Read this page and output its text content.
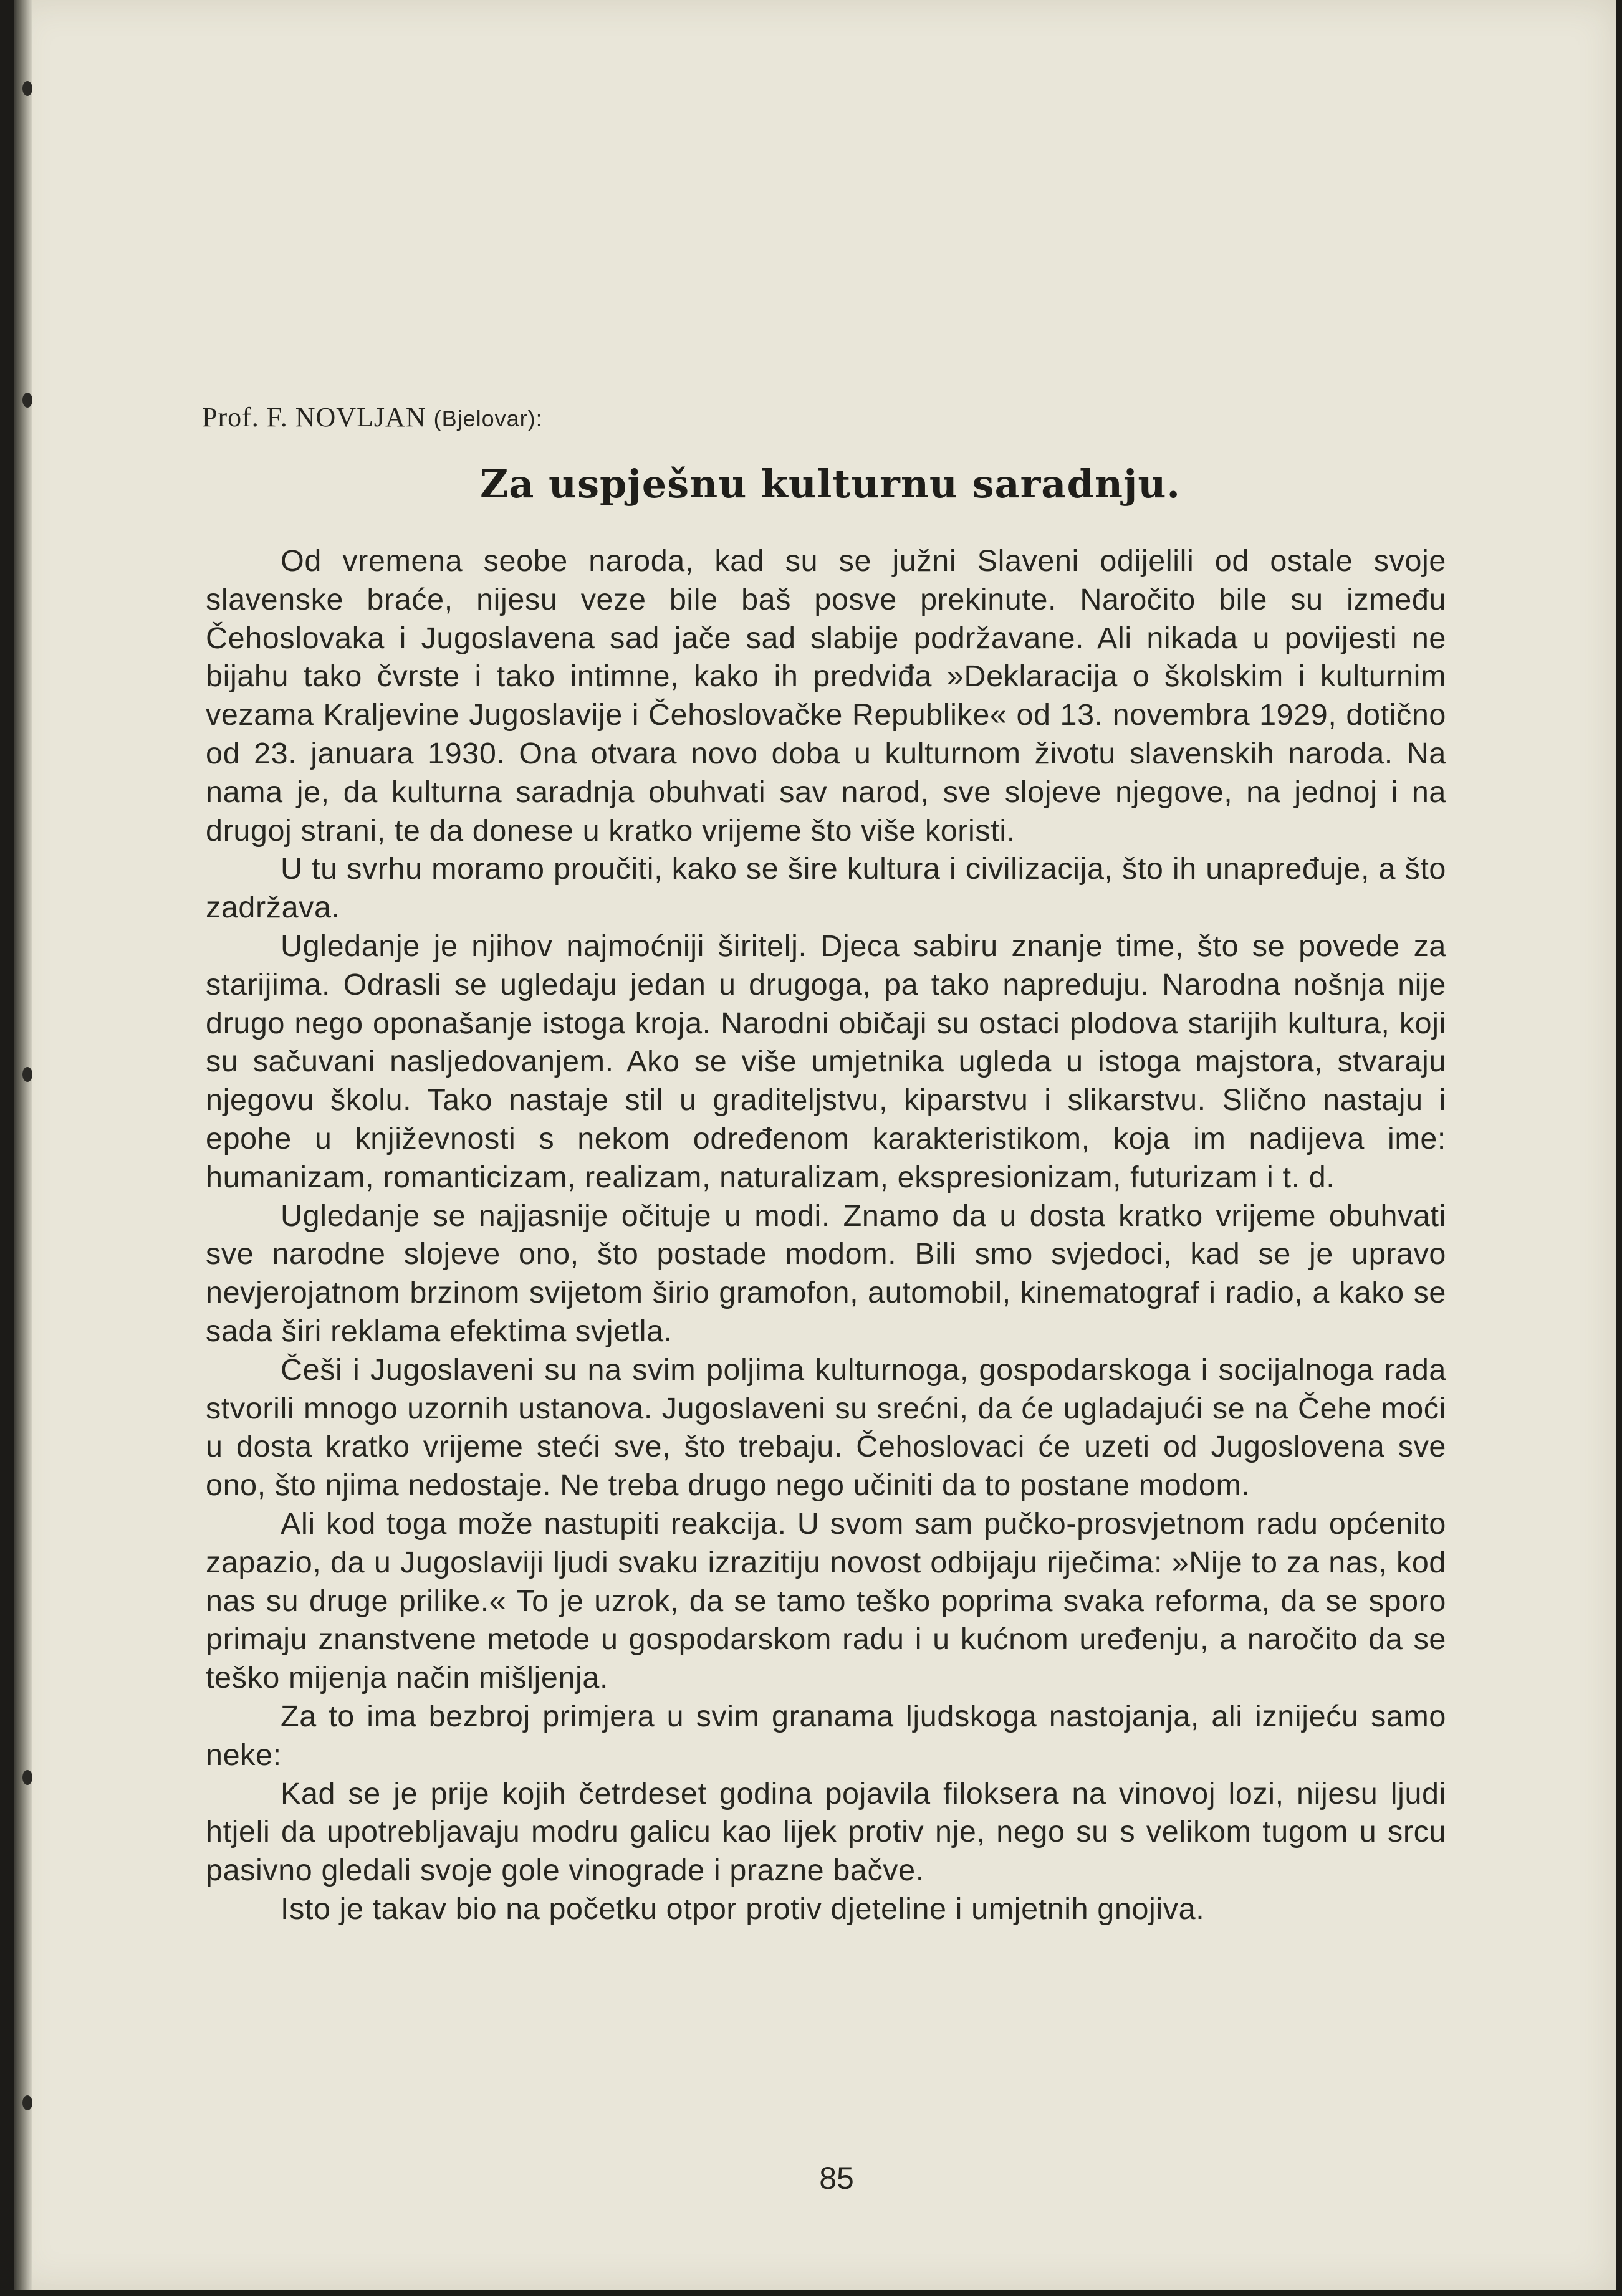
Prof. F. NOVLJAN (Bjelovar):
Za uspješnu kulturnu saradnju.

Od vremena seobe naroda, kad su se južni Slaveni odijelili od ostale svoje slavenske braće, nijesu veze bile baš posve prekinute. Naročito bile su između Čehoslovaka i Jugoslavena sad jače sad slabije podržavane. Ali nikada u povijesti ne bijahu tako čvrste i tako intimne, kako ih predviđa »Deklaracija o školskim i kulturnim vezama Kraljevine Jugoslavije i Čehoslovačke Republike« od 13. novembra 1929, dotično od 23. januara 1930. Ona otvara novo doba u kulturnom životu slavenskih naroda. Na nama je, da kulturna saradnja obuhvati sav narod, sve slojeve njegove, na jednoj i na drugoj strani, te da donese u kratko vrijeme što više koristi.

U tu svrhu moramo proučiti, kako se šire kultura i civilizacija, što ih unapređuje, a što zadržava.

Ugledanje je njihov najmoćniji širitelj. Djeca sabiru znanje time, što se povede za starijima. Odrasli se ugledaju jedan u drugoga, pa tako napreduju. Narodna nošnja nije drugo nego oponašanje istoga kroja. Narodni običaji su ostaci plodova starijih kultura, koji su sačuvani nasljedovanjem. Ako se više umjetnika ugleda u istoga majstora, stvaraju njegovu školu. Tako nastaje stil u graditeljstvu, kiparstvu i slikarstvu. Slično nastaju i epohe u književnosti s nekom određenom karakteristikom, koja im nadijeva ime: humanizam, romanticizam, realizam, naturalizam, ekspresionizam, futurizam i t. d.

Ugledanje se najjasnije očituje u modi. Znamo da u dosta kratko vrijeme obuhvati sve narodne slojeve ono, što postade modom. Bili smo svjedoci, kad se je upravo nevjerojatnom brzinom svijetom širio gramofon, automobil, kinematograf i radio, a kako se sada širi reklama efektima svjetla.

Češi i Jugoslaveni su na svim poljima kulturnoga, gospodarskoga i socijalnoga rada stvorili mnogo uzornih ustanova. Jugoslaveni su srećni, da će ugladajući se na Čehe moći u dosta kratko vrijeme steći sve, što trebaju. Čehoslovaci će uzeti od Jugoslovena sve ono, što njima nedostaje. Ne treba drugo nego učiniti da to postane modom.

Ali kod toga može nastupiti reakcija. U svom sam pučko-prosvjetnom radu općenito zapazio, da u Jugoslaviji ljudi svaku izrazitiju novost odbijaju riječima: »Nije to za nas, kod nas su druge prilike.« To je uzrok, da se tamo teško poprima svaka reforma, da se sporo primaju znanstvene metode u gospodarskom radu i u kućnom uređenju, a naročito da se teško mijenja način mišljenja.

Za to ima bezbroj primjera u svim granama ljudskoga nastojanja, ali iznijeću samo neke:

Kad se je prije kojih četrdeset godina pojavila filoksera na vinovoj lozi, nijesu ljudi htjeli da upotrebljavaju modru galicu kao lijek protiv nje, nego su s velikom tugom u srcu pasivno gledali svoje gole vinograde i prazne bačve.

Isto je takav bio na početku otpor protiv djeteline i umjetnih gnojiva.

85
